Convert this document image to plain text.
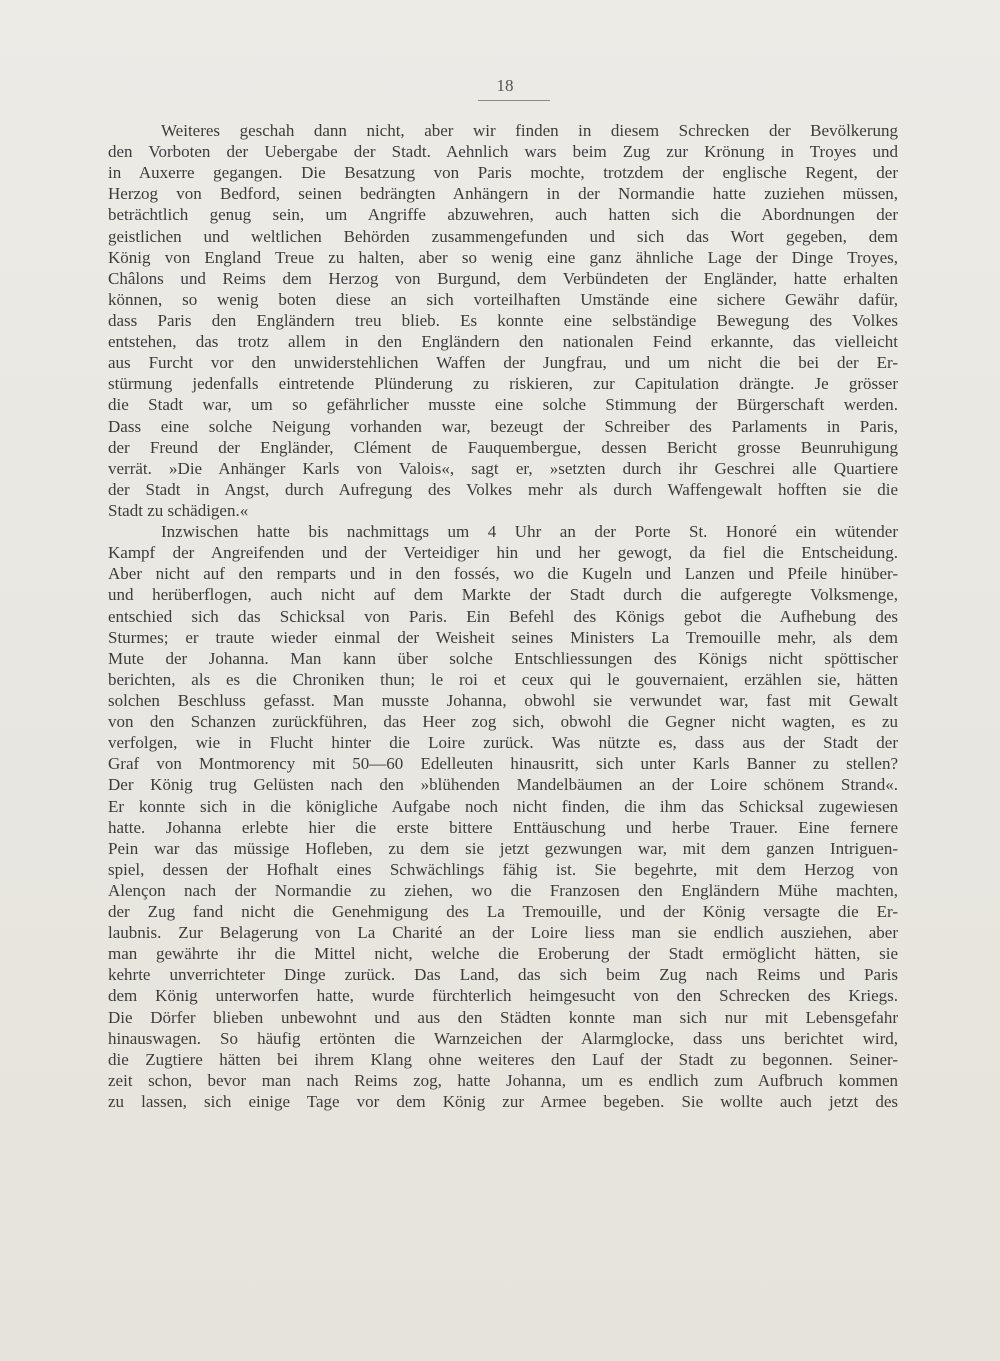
18
Weiteres geschah dann nicht, aber wir finden in diesem Schrecken der Bevölkerung
den Vorboten der Uebergabe der Stadt. Aehnlich wars beim Zug zur Krönung in Troyes und
in Auxerre gegangen. Die Besatzung von Paris mochte, trotzdem der englische Regent, der
Herzog von Bedford, seinen bedrängten Anhängern in der Normandie hatte zuziehen müssen,
beträchtlich genug sein, um Angriffe abzuwehren, auch hatten sich die Abordnungen der
geistlichen und weltlichen Behörden zusammengefunden und sich das Wort gegeben, dem
König von England Treue zu halten, aber so wenig eine ganz ähnliche Lage der Dinge Troyes,
Châlons und Reims dem Herzog von Burgund, dem Verbündeten der Engländer, hatte erhalten
können, so wenig boten diese an sich vorteilhaften Umstände eine sichere Gewähr dafür,
dass Paris den Engländern treu blieb. Es konnte eine selbständige Bewegung des Volkes
entstehen, das trotz allem in den Engländern den nationalen Feind erkannte, das vielleicht
aus Furcht vor den unwiderstehlichen Waffen der Jungfrau, und um nicht die bei der Er-
stürmung jedenfalls eintretende Plünderung zu riskieren, zur Capitulation drängte. Je grösser
die Stadt war, um so gefährlicher musste eine solche Stimmung der Bürgerschaft werden.
Dass eine solche Neigung vorhanden war, bezeugt der Schreiber des Parlaments in Paris,
der Freund der Engländer, Clément de Fauquembergue, dessen Bericht grosse Beunruhigung
verrät. »Die Anhänger Karls von Valois«, sagt er, »setzten durch ihr Geschrei alle Quartiere
der Stadt in Angst, durch Aufregung des Volkes mehr als durch Waffengewalt hofften sie die
Stadt zu schädigen.«
Inzwischen hatte bis nachmittags um 4 Uhr an der Porte St. Honoré ein wütender
Kampf der Angreifenden und der Verteidiger hin und her gewogt, da fiel die Entscheidung.
Aber nicht auf den remparts und in den fossés, wo die Kugeln und Lanzen und Pfeile hinüber-
und herüberflogen, auch nicht auf dem Markte der Stadt durch die aufgeregte Volksmenge,
entschied sich das Schicksal von Paris. Ein Befehl des Königs gebot die Aufhebung des
Sturmes; er traute wieder einmal der Weisheit seines Ministers La Tremouille mehr, als dem
Mute der Johanna. Man kann über solche Entschliessungen des Königs nicht spöttischer
berichten, als es die Chroniken thun; le roi et ceux qui le gouvernaient, erzählen sie, hätten
solchen Beschluss gefasst. Man musste Johanna, obwohl sie verwundet war, fast mit Gewalt
von den Schanzen zurückführen, das Heer zog sich, obwohl die Gegner nicht wagten, es zu
verfolgen, wie in Flucht hinter die Loire zurück. Was nützte es, dass aus der Stadt der
Graf von Montmorency mit 50—60 Edelleuten hinausritt, sich unter Karls Banner zu stellen?
Der König trug Gelüsten nach den »blühenden Mandelbäumen an der Loire schönem Strand«.
Er konnte sich in die königliche Aufgabe noch nicht finden, die ihm das Schicksal zugewiesen
hatte. Johanna erlebte hier die erste bittere Enttäuschung und herbe Trauer. Eine fernere
Pein war das müssige Hofleben, zu dem sie jetzt gezwungen war, mit dem ganzen Intriguen-
spiel, dessen der Hofhalt eines Schwächlings fähig ist. Sie begehrte, mit dem Herzog von
Alençon nach der Normandie zu ziehen, wo die Franzosen den Engländern Mühe machten,
der Zug fand nicht die Genehmigung des La Tremouille, und der König versagte die Er-
laubnis. Zur Belagerung von La Charité an der Loire liess man sie endlich ausziehen, aber
man gewährte ihr die Mittel nicht, welche die Eroberung der Stadt ermöglicht hätten, sie
kehrte unverrichteter Dinge zurück. Das Land, das sich beim Zug nach Reims und Paris
dem König unterworfen hatte, wurde fürchterlich heimgesucht von den Schrecken des Kriegs.
Die Dörfer blieben unbewohnt und aus den Städten konnte man sich nur mit Lebensgefahr
hinauswagen. So häufig ertönten die Warnzeichen der Alarmglocke, dass uns berichtet wird,
die Zugtiere hätten bei ihrem Klang ohne weiteres den Lauf der Stadt zu begonnen. Seiner-
zeit schon, bevor man nach Reims zog, hatte Johanna, um es endlich zum Aufbruch kommen
zu lassen, sich einige Tage vor dem König zur Armee begeben. Sie wollte auch jetzt des
